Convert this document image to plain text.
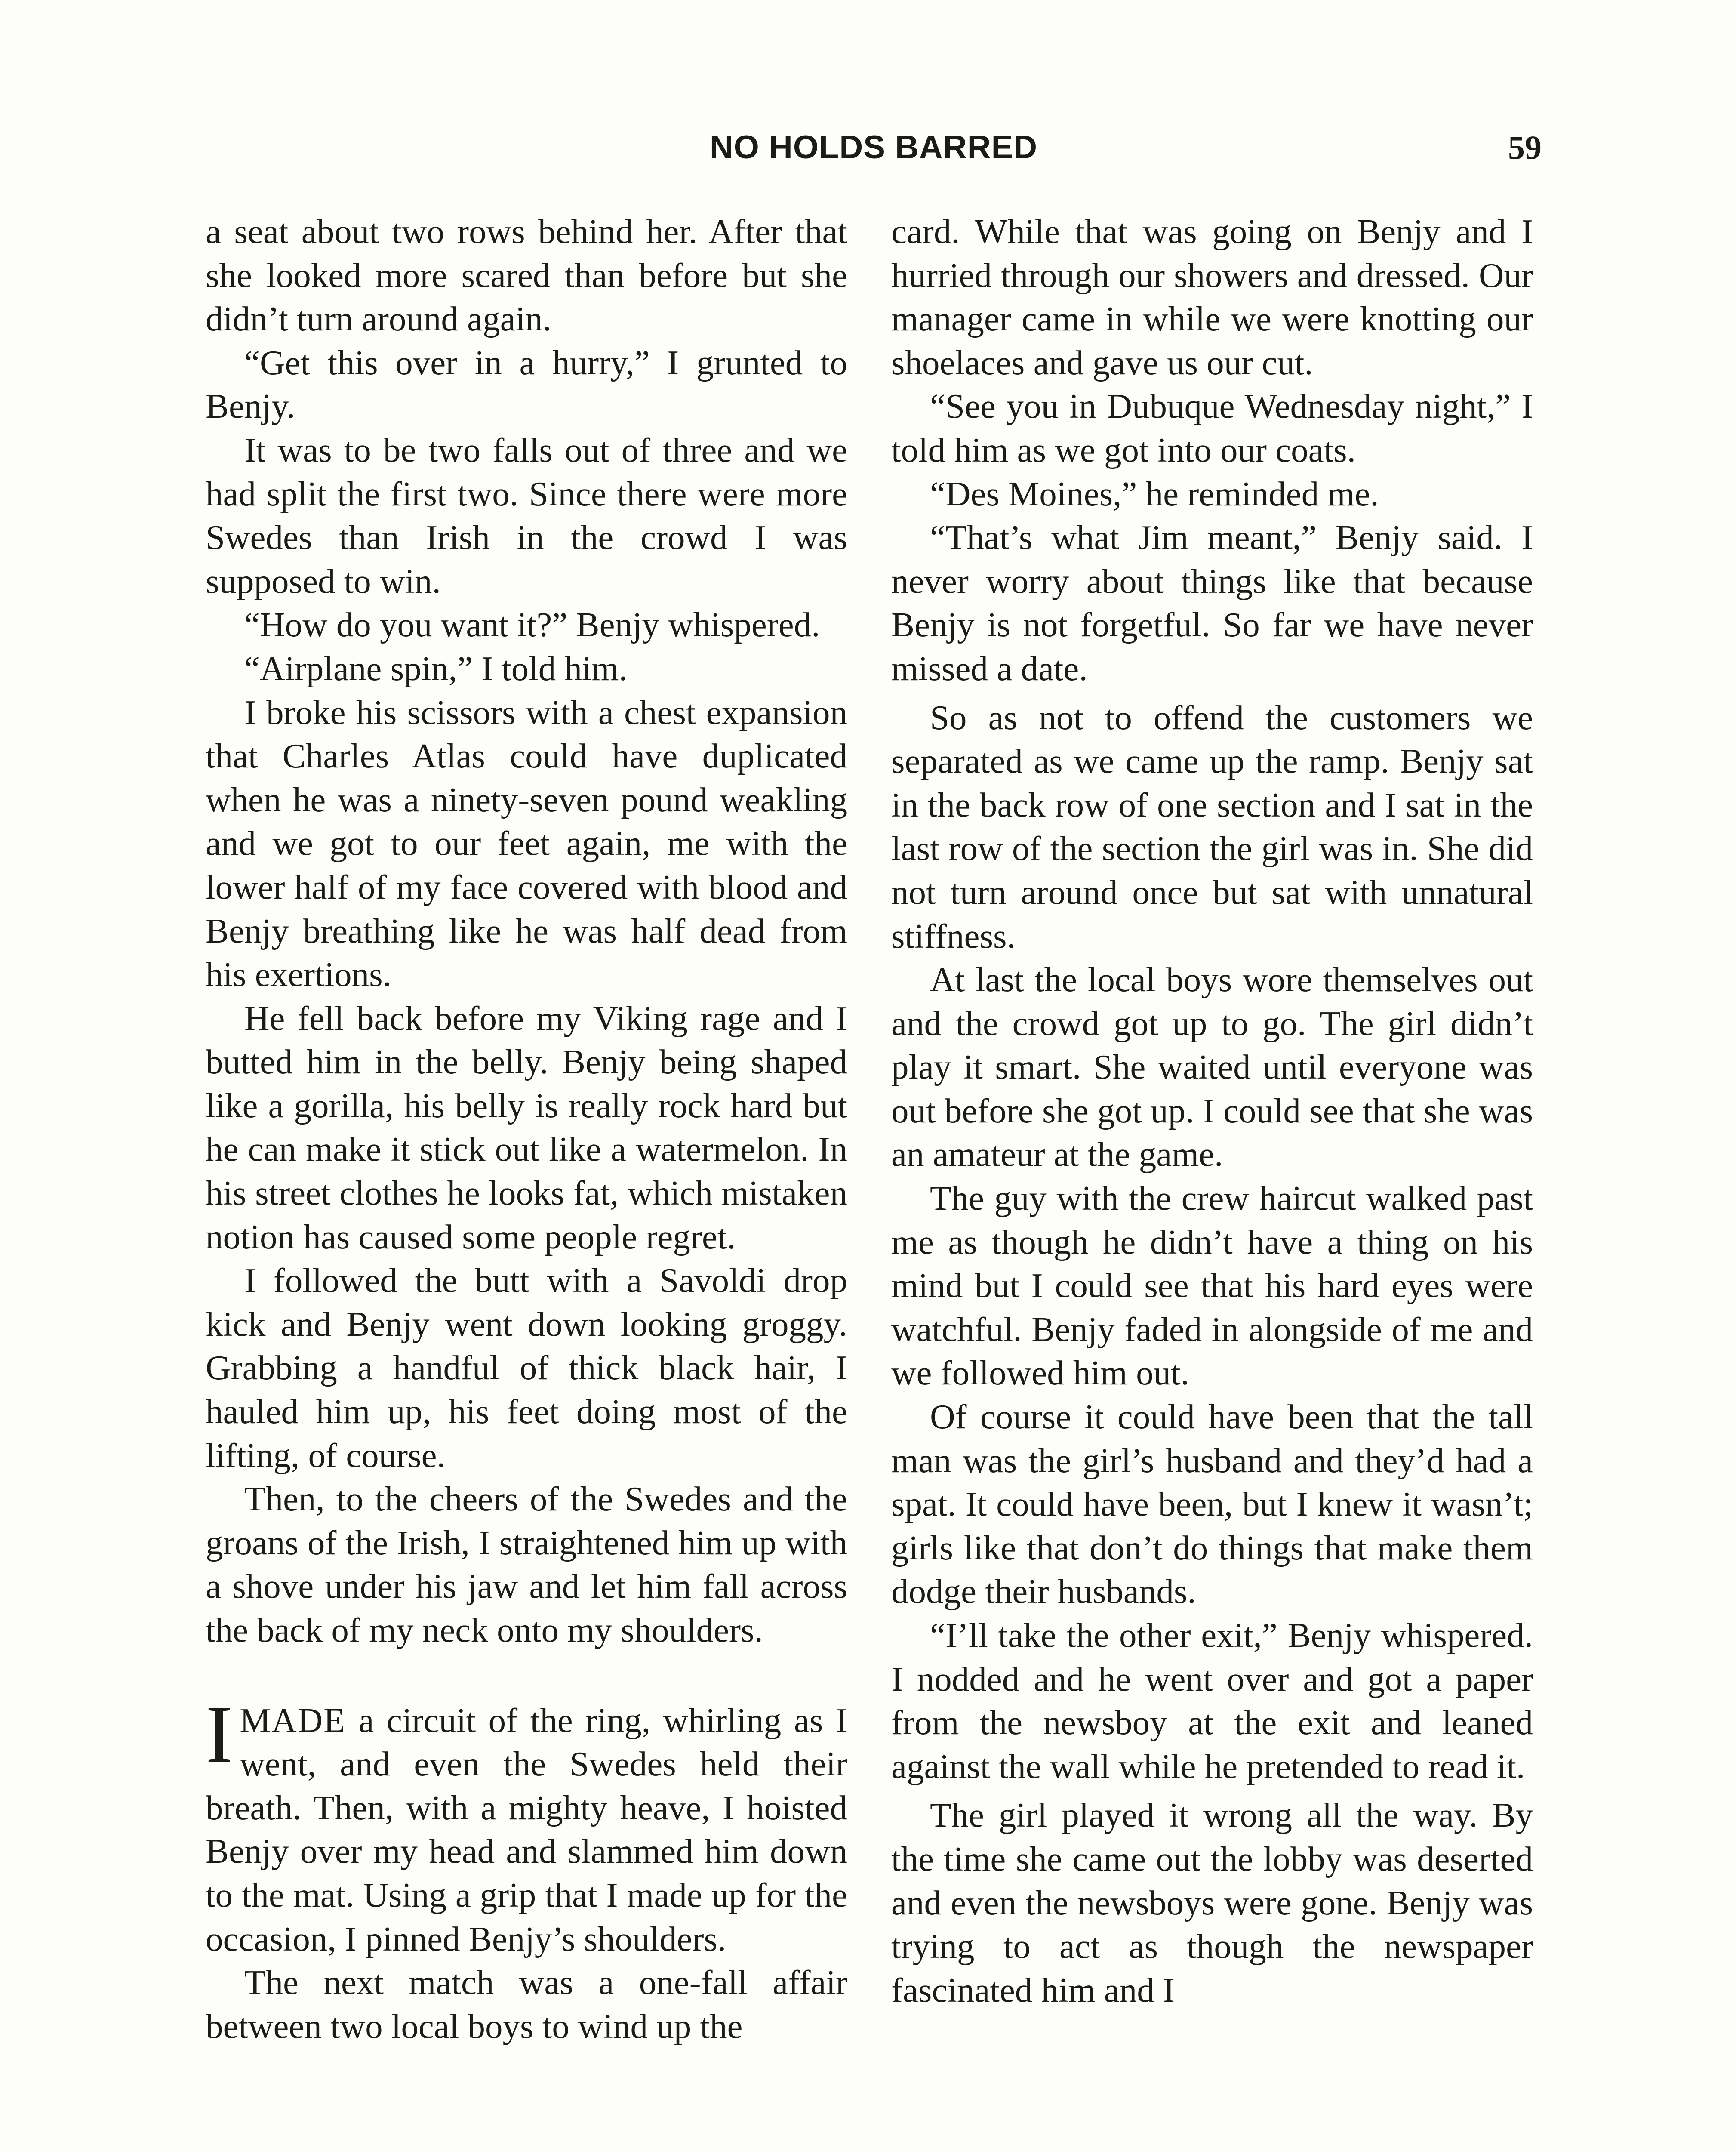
NO HOLDS BARRED	59

a seat about two rows behind her. After that she looked more scared than before but she didn’t turn around again.

“Get this over in a hurry,” I grunted to Benjy.

It was to be two falls out of three and we had split the first two. Since there were more Swedes than Irish in the crowd I was supposed to win.

“How do you want it?” Benjy whispered.

“Airplane spin,” I told him.

I broke his scissors with a chest expansion that Charles Atlas could have duplicated when he was a ninety-seven pound weakling and we got to our feet again, me with the lower half of my face covered with blood and Benjy breathing like he was half dead from his exertions.

He fell back before my Viking rage and I butted him in the belly. Benjy being shaped like a gorilla, his belly is really rock hard but he can make it stick out like a watermelon. In his street clothes he looks fat, which mistaken notion has caused some people regret.

I followed the butt with a Savoldi drop kick and Benjy went down looking groggy. Grabbing a handful of thick black hair, I hauled him up, his feet doing most of the lifting, of course.

Then, to the cheers of the Swedes and the groans of the Irish, I straightened him up with a shove under his jaw and let him fall across the back of my neck onto my shoulders.

IMADE a circuit of the ring, whirling as I went, and even the Swedes held their breath. Then, with a mighty heave, I hoisted Benjy over my head and slammed him down to the mat. Using a grip that I made up for the occasion, I pinned Benjy’s shoulders.

The next match was a one-fall affair between two local boys to wind up the

card. While that was going on Benjy and I hurried through our showers and dressed. Our manager came in while we were knotting our shoelaces and gave us our cut.

“See you in Dubuque Wednesday night,” I told him as we got into our coats.

“Des Moines,” he reminded me.

“That’s what Jim meant,” Benjy said. I never worry about things like that because Benjy is not forgetful. So far we have never missed a date.

So as not to offend the customers we separated as we came up the ramp. Benjy sat in the back row of one section and I sat in the last row of the section the girl was in. She did not turn around once but sat with unnatural stiffness.

At last the local boys wore themselves out and the crowd got up to go. The girl didn’t play it smart. She waited until everyone was out before she got up. I could see that she was an amateur at the game.

The guy with the crew haircut walked past me as though he didn’t have a thing on his mind but I could see that his hard eyes were watchful. Benjy faded in alongside of me and we followed him out.

Of course it could have been that the tall man was the girl’s husband and they’d had a spat. It could have been, but I knew it wasn’t; girls like that don’t do things that make them dodge their husbands.

“I’ll take the other exit,” Benjy whispered. I nodded and he went over and got a paper from the newsboy at the exit and leaned against the wall while he pretended to read it.

The girl played it wrong all the way. By the time she came out the lobby was deserted and even the newsboys were gone. Benjy was trying to act as though the newspaper fascinated him and I
